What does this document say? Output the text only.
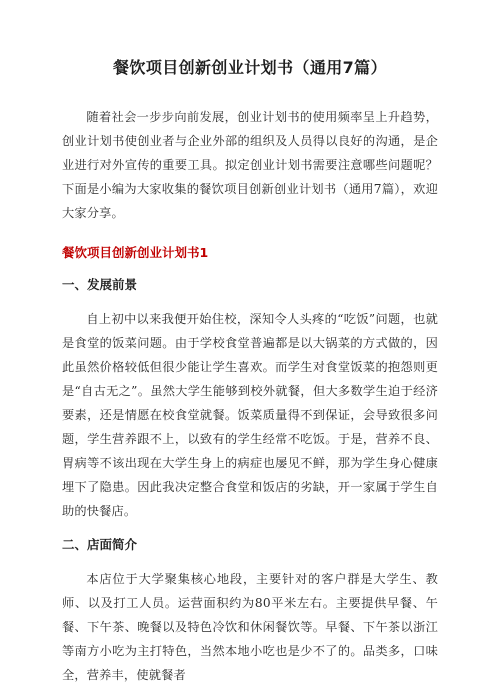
餐饮项目创新创业计划书（通用7篇）

随着社会一步步向前发展，创业计划书的使用频率呈上升趋势，创业计划书使创业者与企业外部的组织及人员得以良好的沟通，是企业进行对外宣传的重要工具。拟定创业计划书需要注意哪些问题呢？下面是小编为大家收集的餐饮项目创新创业计划书（通用7篇），欢迎大家分享。

餐饮项目创新创业计划书1
一、发展前景

自上初中以来我便开始住校，深知令人头疼的“吃饭”问题，也就是食堂的饭菜问题。由于学校食堂普遍都是以大锅菜的方式做的，因此虽然价格较低但很少能让学生喜欢。而学生对食堂饭菜的抱怨则更是“自古无之”。虽然大学生能够到校外就餐，但大多数学生迫于经济要素，还是情愿在校食堂就餐。饭菜质量得不到保证，会导致很多问题，学生营养跟不上，以致有的学生经常不吃饭。于是，营养不良、胃病等不该出现在大学生身上的病症也屡见不鲜，那为学生身心健康埋下了隐患。因此我决定整合食堂和饭店的劣缺，开一家属于学生自助的快餐店。

二、店面简介

本店位于大学聚集核心地段，主要针对的客户群是大学生、教师、以及打工人员。运营面积约为80平米左右。主要提供早餐、午餐、下午茶、晚餐以及特色冷饮和休闲餐饮等。早餐、下午茶以浙江等南方小吃为主打特色，当然本地小吃也是少不了的。品类多，口味全，营养丰，使就餐者
